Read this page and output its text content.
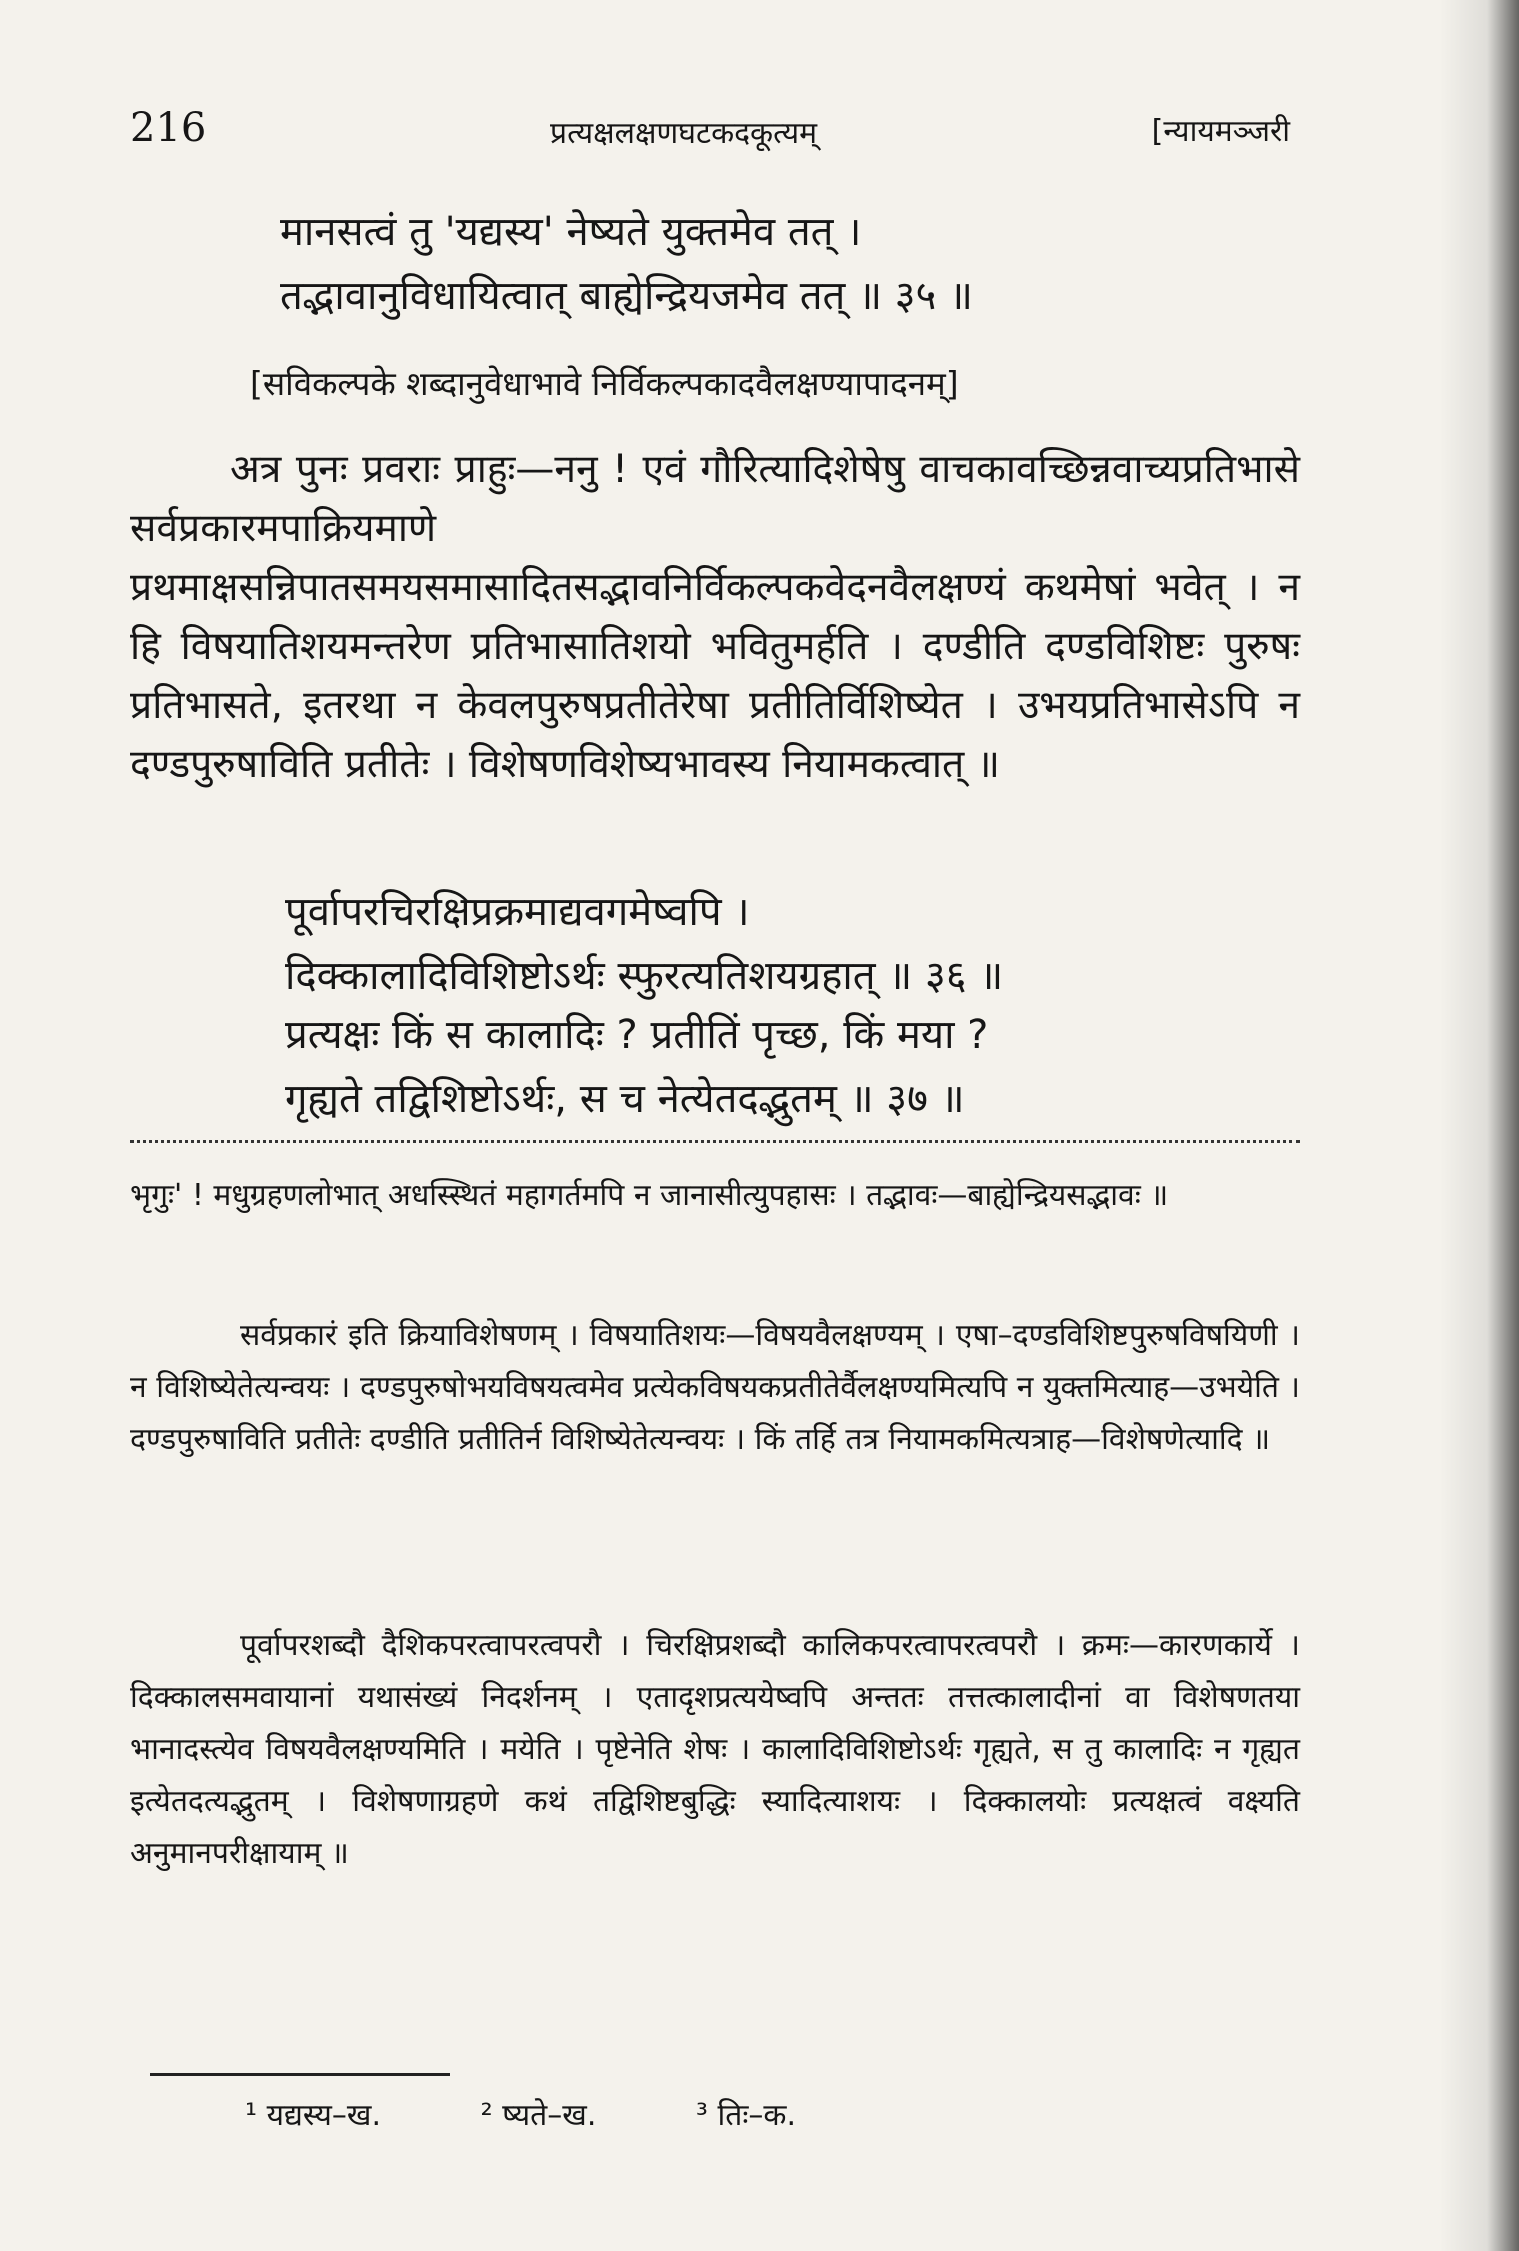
216	प्रत्यक्षलक्षणघटकदकूत्यम्	[न्यायमञ्जरी
मानसत्वं तु 'यद्यस्य' नेष्यते युक्तमेव तत् ।
तद्भावानुविधायित्वात् बाह्येन्द्रियजमेव तत् ॥ ३५ ॥
[सविकल्पके शब्दानुवेधाभावे निर्विकल्पकादवैलक्षण्यापादनम्]
अत्र पुनः प्रवराः प्राहुः—ननु ! एवं गौरित्यादिशेषेषु वाचकावच्छिन्नवाच्यप्रतिभासे सर्वप्रकारमपाक्रियमाणे प्रथमाक्षसन्निपातसमयसमासादितसद्भावनिर्विकल्पकवेदनवैलक्षण्यं कथमेषां भवेत् । न हि विषयातिशयमन्तरेण प्रतिभासातिशयो भवितुमर्हति । दण्डीति दण्डविशिष्टः पुरुषः प्रतिभासते, इतरथा न केवलपुरुषप्रतीतेरेषा प्रतीतिर्विशिष्येत । उभयप्रतिभासेऽपि न दण्डपुरुषाविति प्रतीतेः । विशेषणविशेष्यभावस्य नियामकत्वात् ॥
पूर्वापरचिरक्षिप्रक्रमाद्यवगमेष्वपि ।
दिक्कालादिविशिष्टोऽर्थः स्फुरत्यतिशयग्रहात् ॥ ३६ ॥
प्रत्यक्षः किं स कालादिः ? प्रतीतिं पृच्छ, किं मया ?
गृह्यते तद्विशिष्टोऽर्थः, स च नेत्येतदद्भुतम् ॥ ३७ ॥
भृगुः' ! मधुग्रहणलोभात् अधस्स्थितं महागर्तमपि न जानासीत्युपहासः । तद्भावः—बाह्येन्द्रियसद्भावः ॥
सर्वप्रकारं इति क्रियाविशेषणम् । विषयातिशयः—विषयवैलक्षण्यम् । एषा–दण्डविशिष्टपुरुषविषयिणी । न विशिष्येतेत्यन्वयः । दण्डपुरुषोभयविषयत्वमेव प्रत्येकविषयकप्रतीतेर्वैलक्षण्यमित्यपि न युक्तमित्याह—उभयेति । दण्डपुरुषाविति प्रतीतेः दण्डीति प्रतीतिर्न विशिष्येतेत्यन्वयः । किं तर्हि तत्र नियामकमित्यत्राह—विशेषणेत्यादि ॥
पूर्वापरशब्दौ दैशिकपरत्वापरत्वपरौ । चिरक्षिप्रशब्दौ कालिकपरत्वापरत्वपरौ । क्रमः—कारणकार्ये । दिक्कालसमवायानां यथासंख्यं निदर्शनम् । एतादृशप्रत्ययेष्वपि अन्ततः तत्तत्कालादीनां वा विशेषणतया भानादस्त्येव विषयवैलक्षण्यमिति । मयेति । पृष्टेनेति शेषः । कालादिविशिष्टोऽर्थः गृह्यते, स तु कालादिः न गृह्यत इत्येतदत्यद्भुतम् । विशेषणाग्रहणे कथं तद्विशिष्टबुद्धिः स्यादित्याशयः । दिक्कालयोः प्रत्यक्षत्वं वक्ष्यति अनुमानपरीक्षायाम् ॥
¹ यद्यस्य–ख.	² ष्यते–ख.	³ तिः–क.
